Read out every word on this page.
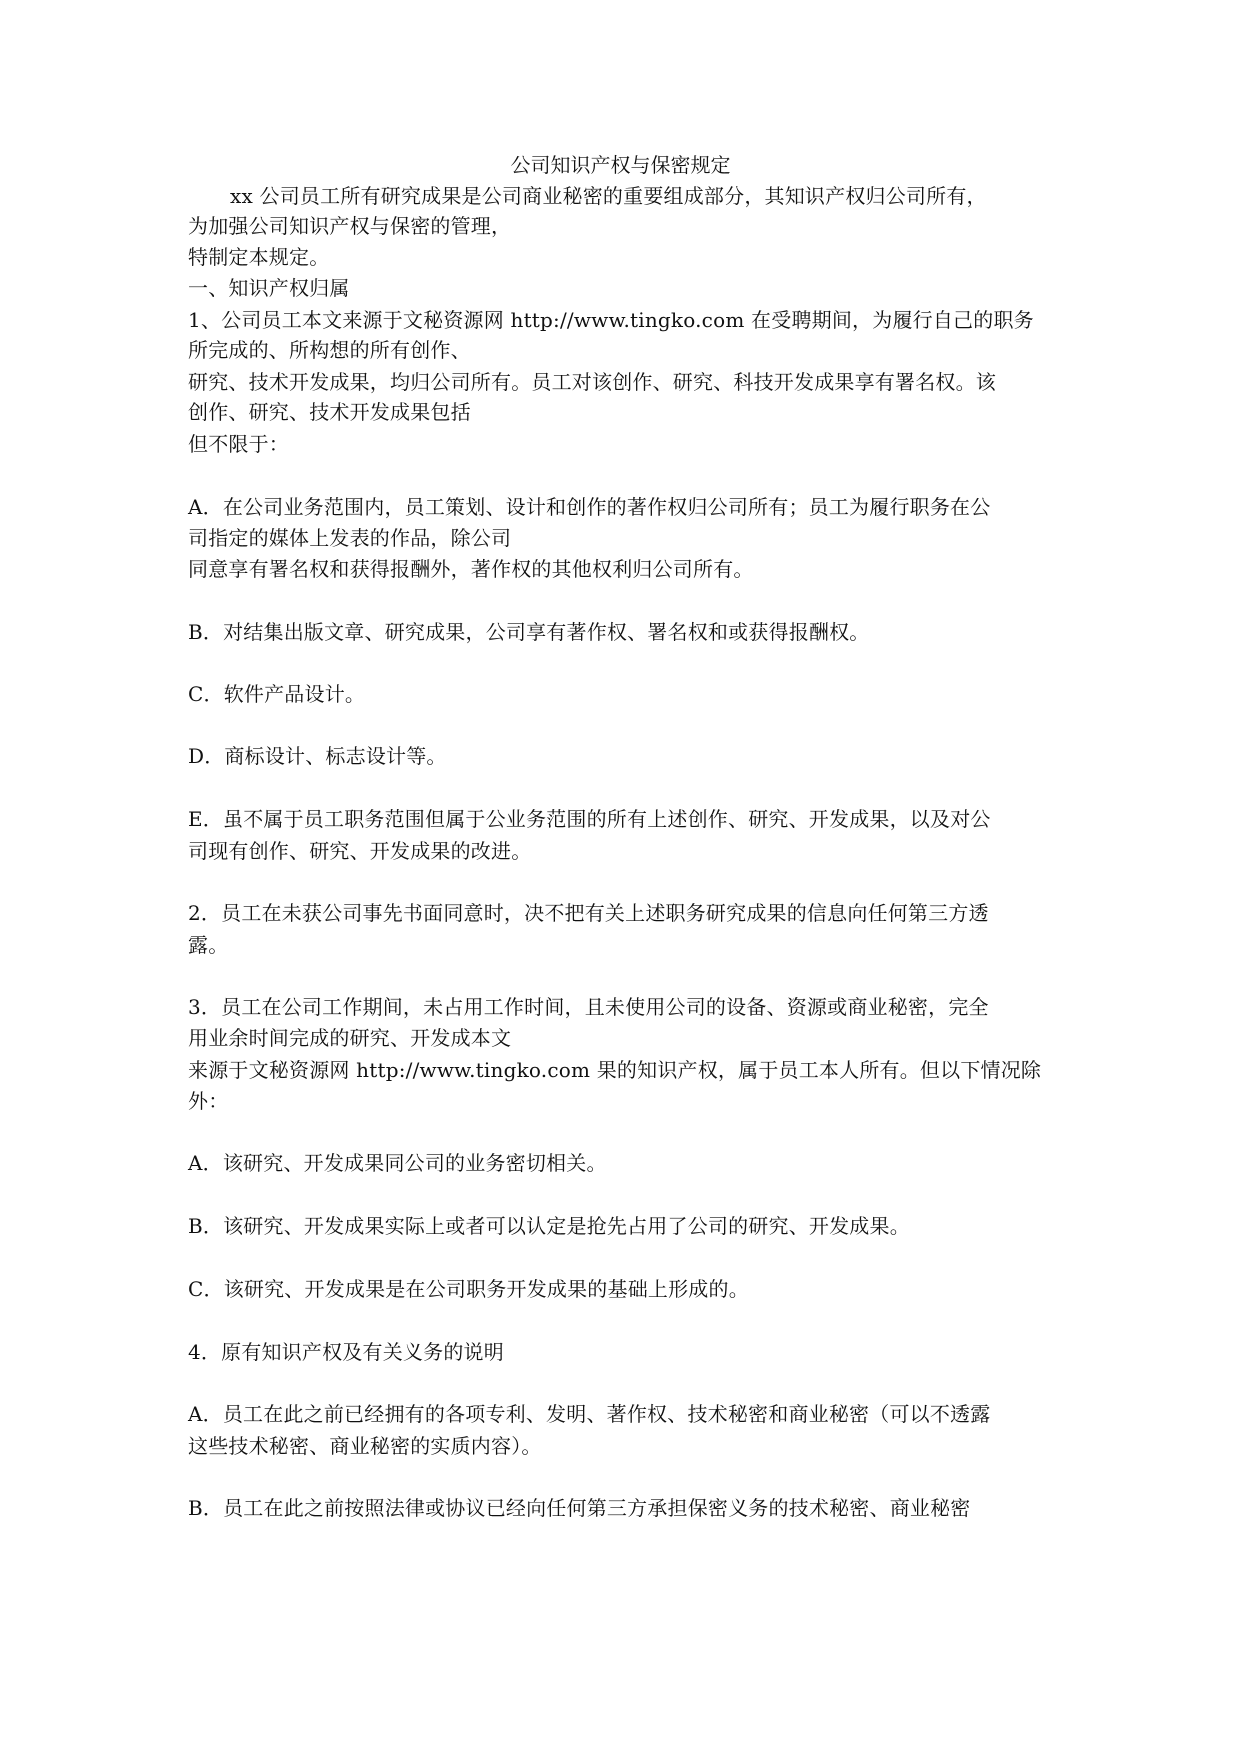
公司知识产权与保密规定

xx 公司员工所有研究成果是公司商业秘密的重要组成部分，其知识产权归公司所有，

为加强公司知识产权与保密的管理，

特制定本规定。

一、知识产权归属

1、公司员工本文来源于文秘资源网 http://www.tingko.com 在受聘期间，为履行自己的职务

所完成的、所构想的所有创作、

研究、技术开发成果，均归公司所有。员工对该创作、研究、科技开发成果享有署名权。该

创作、研究、技术开发成果包括

但不限于：

A．在公司业务范围内，员工策划、设计和创作的著作权归公司所有；员工为履行职务在公

司指定的媒体上发表的作品，除公司

同意享有署名权和获得报酬外，著作权的其他权利归公司所有。

B．对结集出版文章、研究成果，公司享有著作权、署名权和或获得报酬权。

C．软件产品设计。

D．商标设计、标志设计等。

E．虽不属于员工职务范围但属于公业务范围的所有上述创作、研究、开发成果，以及对公

司现有创作、研究、开发成果的改进。

2．员工在未获公司事先书面同意时，决不把有关上述职务研究成果的信息向任何第三方透

露。

3．员工在公司工作期间，未占用工作时间，且未使用公司的设备、资源或商业秘密，完全

用业余时间完成的研究、开发成本文

来源于文秘资源网 http://www.tingko.com 果的知识产权，属于员工本人所有。但以下情况除

外：

A．该研究、开发成果同公司的业务密切相关。

B．该研究、开发成果实际上或者可以认定是抢先占用了公司的研究、开发成果。

C．该研究、开发成果是在公司职务开发成果的基础上形成的。

4．原有知识产权及有关义务的说明

A．员工在此之前已经拥有的各项专利、发明、著作权、技术秘密和商业秘密（可以不透露

这些技术秘密、商业秘密的实质内容）。

B．员工在此之前按照法律或协议已经向任何第三方承担保密义务的技术秘密、商业秘密
